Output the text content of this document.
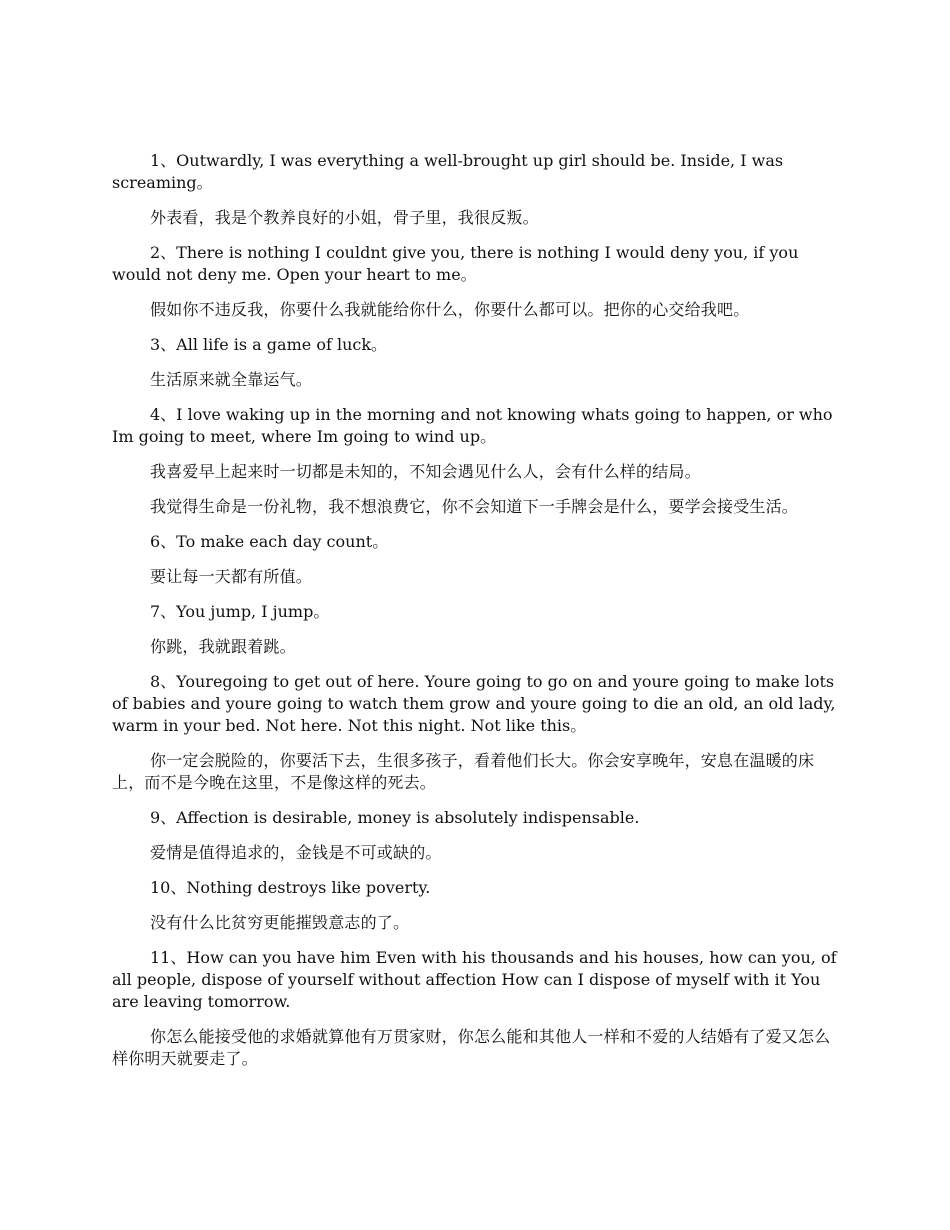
1、Outwardly, I was everything a well-brought up girl should be. Inside, I was screaming。

外表看，我是个教养良好的小姐，骨子里，我很反叛。

2、There is nothing I couldnt give you, there is nothing I would deny you, if you would not deny me. Open your heart to me。

假如你不违反我，你要什么我就能给你什么，你要什么都可以。把你的心交给我吧。

3、All life is a game of luck。

生活原来就全靠运气。

4、I love waking up in the morning and not knowing whats going to happen, or who Im going to meet, where Im going to wind up。

我喜爱早上起来时一切都是未知的，不知会遇见什么人，会有什么样的结局。

我觉得生命是一份礼物，我不想浪费它，你不会知道下一手牌会是什么，要学会接受生活。

6、To make each day count。

要让每一天都有所值。

7、You jump, I jump。

你跳，我就跟着跳。

8、Youregoing to get out of here. Youre going to go on and youre going to make lots of babies and youre going to watch them grow and youre going to die an old, an old lady, warm in your bed. Not here. Not this night. Not like this。

你一定会脱险的，你要活下去，生很多孩子，看着他们长大。你会安享晚年，安息在温暖的床上，而不是今晚在这里，不是像这样的死去。

9、Affection is desirable, money is absolutely indispensable.

爱情是值得追求的，金钱是不可或缺的。

10、Nothing destroys like poverty.

没有什么比贫穷更能摧毁意志的了。

11、How can you have him Even with his thousands and his houses, how can you, of all people, dispose of yourself without affection How can I dispose of myself with it You are leaving tomorrow.

你怎么能接受他的求婚就算他有万贯家财，你怎么能和其他人一样和不爱的人结婚有了爱又怎么样你明天就要走了。
